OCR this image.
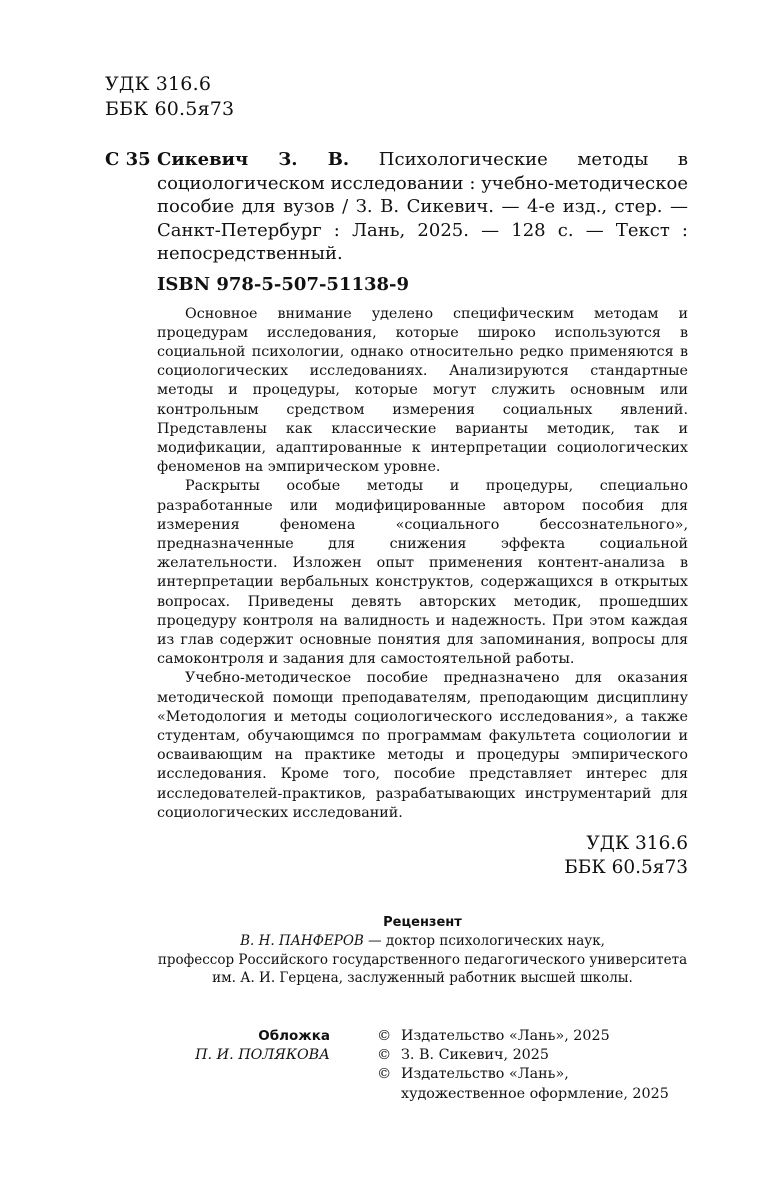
УДК 316.6
ББК 60.5я73
С 35 Сикевич З. В. Психологические методы в социологическом исследовании : учебно-методическое пособие для вузов / З. В. Сикевич. — 4-е изд., стер. — Санкт-Петербург : Лань, 2025. — 128 с. — Текст : непосредственный.
ISBN 978-5-507-51138-9

Основное внимание уделено специфическим методам и процедурам исследования, которые широко используются в социальной психологии, однако относительно редко применяются в социологических исследованиях. Анализируются стандартные методы и процедуры, которые могут служить основным или контрольным средством измерения социальных явлений. Представлены как классические варианты методик, так и модификации, адаптированные к интерпретации социологических феноменов на эмпирическом уровне.

Раскрыты особые методы и процедуры, специально разработанные или модифицированные автором пособия для измерения феномена «социального бессознательного», предназначенные для снижения эффекта социальной желательности. Изложен опыт применения контент-анализа в интерпретации вербальных конструктов, содержащихся в открытых вопросах. Приведены девять авторских методик, прошедших процедуру контроля на валидность и надежность. При этом каждая из глав содержит основные понятия для запоминания, вопросы для самоконтроля и задания для самостоятельной работы.

Учебно-методическое пособие предназначено для оказания методической помощи преподавателям, преподающим дисциплину «Методология и методы социологического исследования», а также студентам, обучающимся по программам факультета социологии и осваивающим на практике методы и процедуры эмпирического исследования. Кроме того, пособие представляет интерес для исследователей-практиков, разрабатывающих инструментарий для социологических исследований.

УДК 316.6
ББК 60.5я73
Рецензент
В. Н. ПАНФЕРОВ — доктор психологических наук,
профессор Российского государственного педагогического университета
им. А. И. Герцена, заслуженный работник высшей школы.
Обложка
П. И. ПОЛЯКОВА
© Издательство «Лань», 2025
© З. В. Сикевич, 2025
© Издательство «Лань»,
художественное оформление, 2025
